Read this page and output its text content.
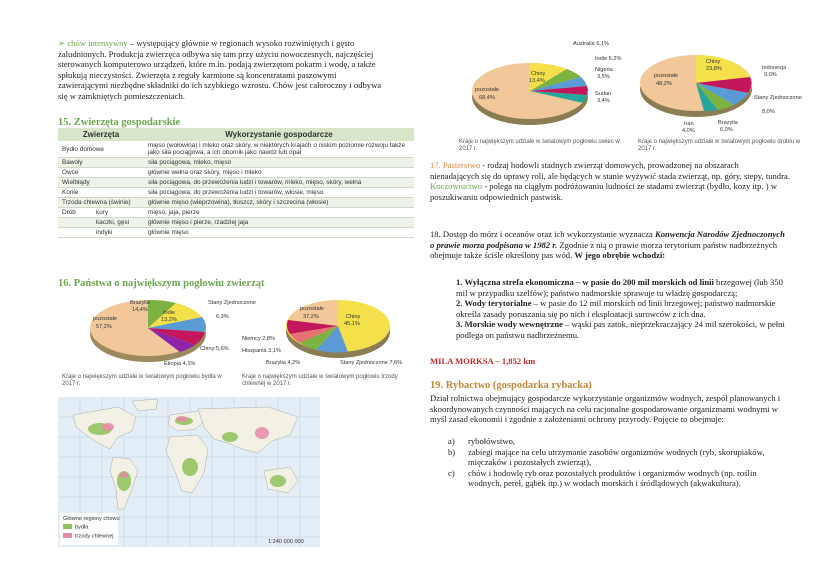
➢ chów intensywny – występujący głównie w regionach wysoko rozwiniętych i gęsto zaludnionych. Produkcja zwierzęca odbywa się tam przy użyciu nowoczesnych, najczęściej sterowanych komputerowo urządzeń, które m.in. podają zwierzętom pokarm i wodę, a także spłukują nieczystości. Zwierzęta z reguły karmione są koncentratami paszowymi zawierającymi niezbędne składniki do ich szybkiego wzrostu. Chów jest całoroczny i odbywa się w zamkniętych pomieszczeniach.
15. Zwierzęta gospodarskie
Zwierzęta	Wykorzystanie gospodarcze
Bydło domowe	mięso (wołowina) i mleko oraz skóry, w niektórych krajach o niskim poziomie rozwoju także jako siła pociągowa, a ich obornik jako nawóz lub opał
Bawoły	siła pociągowa, mleko, mięso
Owce	głównie wełna oraz skóry, mięso i mleko
Wielbłądy	siła pociągowa, do przewożenia ludzi i towarów, mleko, mięso, skóry, wełna
Konie	siła pociągowa, do przewożenia ludzi i towarów, włosie, mięso
Trzoda chlewna (świnie)	głównie mięso (wieprzowina), tłuszcz, skóry i szczecina (włosie)

Drób kury	mięso, jaja, pierze
kaczki, gęsi	głównie mięso i pierze, rzadziej jaja
indyki	głównie mięso
16. Państwa o największym pogłowiu zwierząt
Brazylia
14,4%	Indie
13,2%
pozostałe
57,2%
Stany Zjednoczone
6,3%
Chiny 5,6%
Etiopia 4,1%
Kraje o największym udziale w światowym pogłowiu bydła w 2017 r.
pozostałe
37,2%	Chiny
45,1%
Niemcy 2,8%
Hiszpania 3,1%
Brazylia 4,2%	Stany Zjednoczone 7,6%
Kraje o największym udziale w światowym pogłowiu trzody chlewnej w 2017 r.
Główne regiony chowu
bydła
trzody chlewnej
1:240 000 000
Chiny
13,4%
Australia 6,1%
Indie 5,2%
Nigeria
3,5%
Sudan
3,4%
pozostałe
68,4%
Kraje o największym udziale w światowym pogłowiu owiec w 2017 r.
Chiny
23,8%
pozostałe
48,2%
Indonezja
9,0%
Stany Zjednoczone
8,0%
Brazylia
6,0%
Iran
4,0%
Kraje o największym udziale w światowym pogłowiu drobiu w 2017 r.
17. Pasterstwo - rodzaj hodowli stadnych zwierząt domowych, prowadzonej na obszarach nienadających się do uprawy roli, ale będących w stanie wyżywić stada zwierząt, np. góry, stepy, tundra.
Koczownictwo - polega na ciągłym podróżowaniu ludności ze stadami zwierząt (bydło, kozy itp. ) w poszukiwaniu odpowiednich pastwisk.
18. Dostęp do mórz i oceanów oraz ich wykorzystanie wyznacza Konwencja Narodów Zjednoczonych o prawie morza podpisana w 1982 r. Zgodnie z nią o prawie morza terytorium państw nadbrzeżnych obejmuje także ściśle określony pas wód. W jego obrębie wchodzi:
1. Wyłączna strefa ekonomiczna – w pasie do 200 mil morskich od linii brzegowej (lub 350 mil w przypadku szelfów); państwo nadmorskie sprawuje tu władzę gospodarczą;
2. Wody terytorialne – w pasie do 12 mil morskich od linii brzegowej; państwo nadmorskie określa zasady poruszania się po nich i eksploatacji surowców z ich dna.
3. Morskie wody wewnętrzne – wąski pas zatok, nieprzekraczający 24 mil szerokości, w pełni podlega on państwu nadbrzeżnemu.
MILA MORKSA – 1,852 km
19. Rybactwo (gospodarka rybacka)
Dział rolnictwa obejmujący gospodarcze wykorzystanie organizmów wodnych, zespół planowanych i skoordynowanych czynności mających na celu racjonalne gospodarowanie organizmami wodnymi w myśl zasad ekonomii i zgodnie z założeniami ochrony przyrody. Pojęcie to obejmuje:
a)	rybołówstwo,
b)	zabiegi mające na celu utrzymanie zasobów organizmów wodnych (ryb, skorupiaków, mięczaków i pozostałych zwierząt),
c)	chów i hodowlę ryb oraz pozostałych produktów i organizmów wodnych (np. roślin wodnych, pereł, gąbek itp.) w wodach morskich i śródlądowych (akwakultura).
